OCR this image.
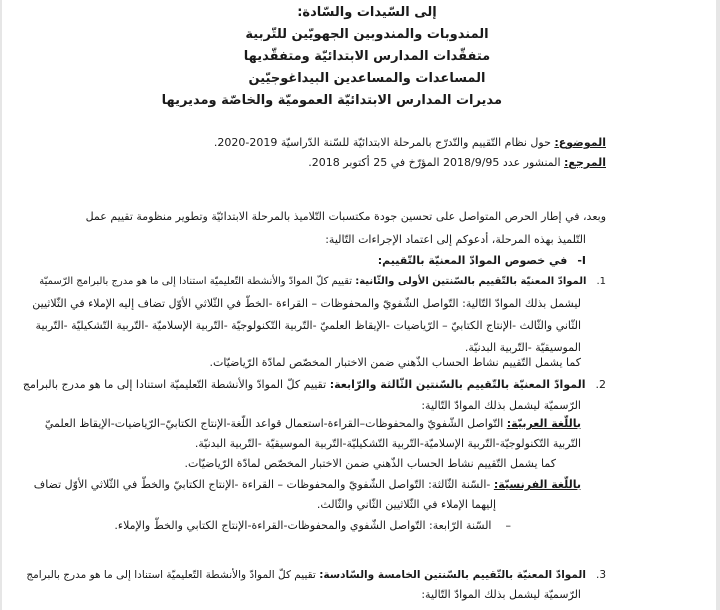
إلى السّيدات والسّادة:
المندوبات والمندوبين الجهويّين للتّربية
متفقّدات المدارس الابتدائيّة ومتفقّديها
المساعدات والمساعدين البيداغوجيّين
مديرات المدارس الابتدائيّة العموميّة والخاصّة ومديريها
الموضوع: حول نظام التّقييم والتّدرّج بالمرحلة الابتدائيّة للسّنة الدّراسيّة 2019-2020.
المرجع: المنشور عدد 2018/9/95 المؤرّخ في 25 أكتوبر 2018.
وبعد، في إطار الحرص المتواصل على تحسين جودة مكتسبات التّلاميذ بالمرحلة الابتدائيّة وتطوير منظومة تقييم عمل
التّلميذ بهذه المرحلة، أدعوكم إلى اعتماد الإجراءات التّالية:
I-في خصوص الموادّ المعنيّة بالتّقييم:
1.الموادّ المعنيّة بالتّقييم بالسّنتين الأولى والثّانية: تقييم كلّ الموادّ والأنشطة التّعليميّة استنادا إلى ما هو مدرج بالبرامج الرّسميّة
ليشمل بذلك الموادّ التّالية: التّواصل الشّفويّ والمحفوظات – القراءة -الخطّ في الثّلاثي الأوّل تضاف إليه الإملاء في الثّلاثيين
الثّاني والثّالث -الإنتاج الكتابيّ – الرّياضيات -الإيقاظ العلميّ -التّربية التّكنولوجيّة -التّربية الإسلاميّة -التّربية التّشكيليّة -التّربية
الموسيقيّة -التّربية البدنيّة.
كما يشمل التّقييم نشاط الحساب الذّهني ضمن الاختبار المخصّص لمادّة الرّياضيّات.
2.الموادّ المعنيّة بالتّقييم بالسّنتين الثّالثة والرّابعة: تقييم كلّ الموادّ والأنشطة التّعليميّة استنادا إلى ما هو مدرج بالبرامج
الرّسميّة ليشمل بذلك الموادّ التّالية:
باللّغة العربيّة: التّواصل الشّفويّ والمحفوظات–القراءة-استعمال قواعد اللّغة-الإنتاج الكتابيّ–الرّياضيات-الإيقاظ العلميّ
التّربية التّكنولوجيّة-التّربية الإسلاميّة-التّربية التّشكيليّة-التّربية الموسيقيّة -التّربية البدنيّة.
كما يشمل التّقييم نشاط الحساب الذّهني ضمن الاختبار المخصّص لمادّة الرّياضيّات.
باللّغة الفرنسيّة: -السّنة الثّالثة: التّواصل الشّفويّ والمحفوظات – القراءة -الإنتاج الكتابيّ والخطّ في الثّلاثي الأوّل تضاف
إليهما الإملاء في الثّلاثيين الثّاني والثّالث.
–السّنة الرّابعة: التّواصل الشّفوي والمحفوظات-القراءة-الإنتاج الكتابي والخطّ والإملاء.
3.الموادّ المعنيّة بالتّقييم بالسّنتين الخامسة والسّادسة: تقييم كلّ الموادّ والأنشطة التّعليميّة استنادا إلى ما هو مدرج بالبرامج
الرّسميّة ليشمل بذلك الموادّ التّالية:
